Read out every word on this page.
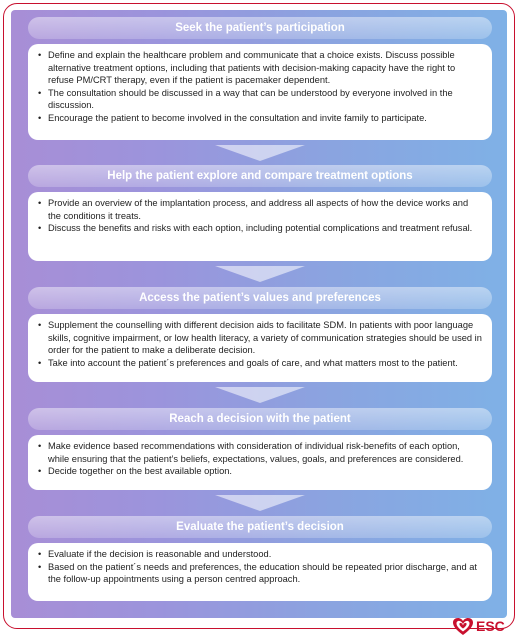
Seek the patient’s participation
• Define and explain the healthcare problem and communicate that a choice exists. Discuss possible alternative treatment options, including that patients with decision-making capacity have the right to refuse PM/CRT therapy, even if the patient is pacemaker dependent.
• The consultation should be discussed in a way that can be understood by everyone involved in the discussion.
• Encourage the patient to become involved in the consultation and invite family to participate.
Help the patient explore and compare treatment options
• Provide an overview of the implantation process, and address all aspects of how the device works and the conditions it treats.
• Discuss the benefits and risks with each option, including potential complications and treatment refusal.
Access the patient’s values and preferences
• Supplement the counselling with different decision aids to facilitate SDM. In patients with poor language skills, cognitive impairment, or low health literacy, a variety of communication strategies should be used in order for the patient to make a deliberate decision.
• Take into account the patient´s preferences and goals of care, and what matters most to the patient.
Reach a decision with the patient
• Make evidence based recommendations with consideration of individual risk-benefits of each option, while ensuring that the patient’s beliefs, expectations, values, goals, and preferences are considered.
• Decide together on the best available option.
Evaluate the patient’s decision
• Evaluate if the decision is reasonable and understood.
• Based on the patient´s needs and preferences, the education should be repeated prior discharge, and at the follow-up appointments using a person centred approach.
ESC
